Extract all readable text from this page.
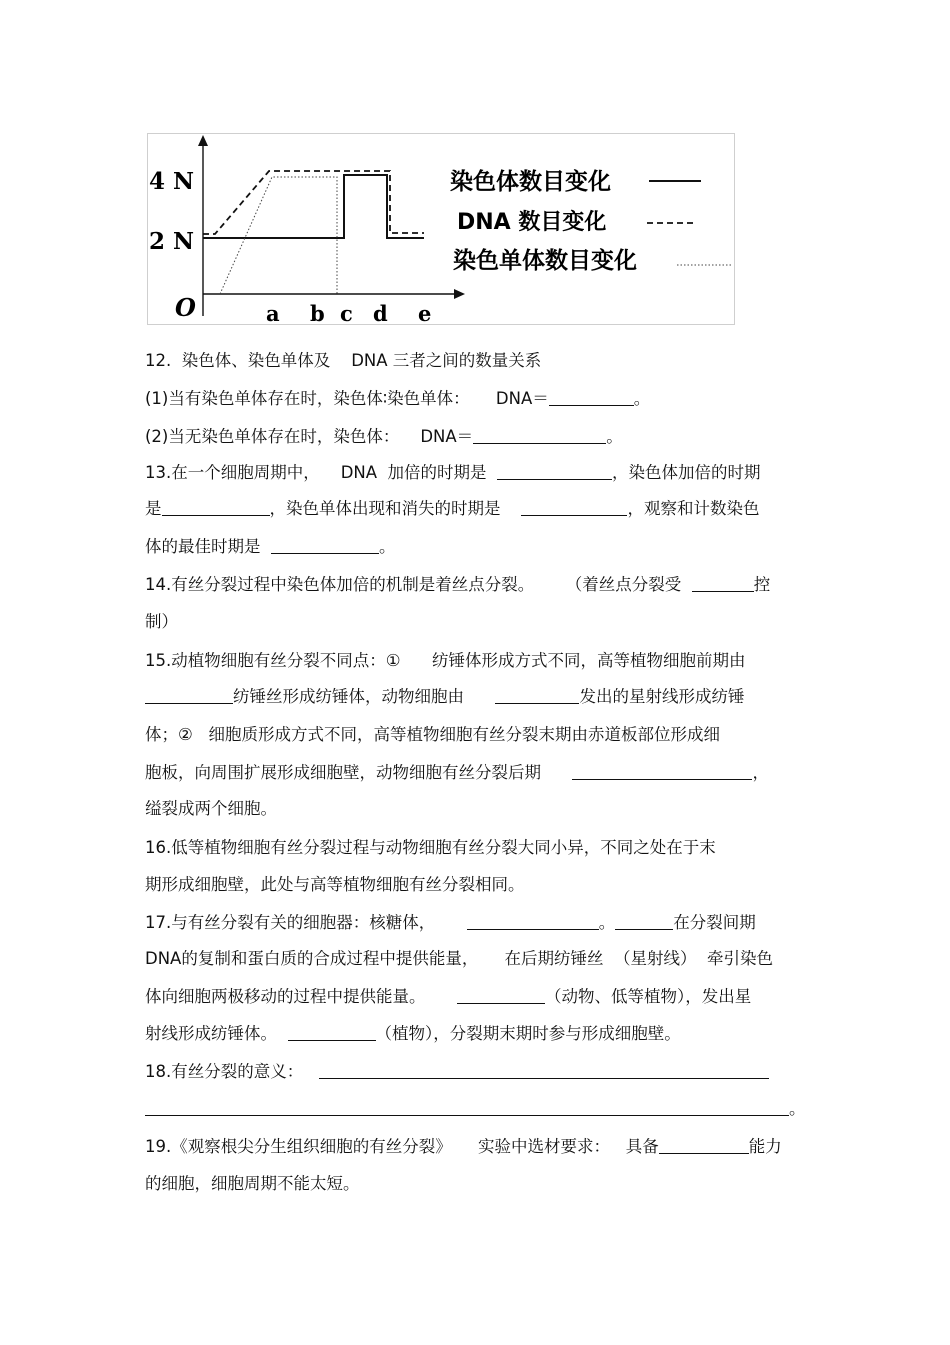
4 N
2 N
O	a b c d e
染色体数目变化
DNA 数目变化
染色单体数目变化
12.  染色体、染色单体及    DNA 三者之间的数量关系
(1)当有染色单体存在时，染色体∶染色单体：     DNA＝	。
(2)当无染色单体存在时，染色体：    DNA＝	。
13.在一个细胞周期中，    DNA  加倍的时期是	，染色体加倍的时期
是	，染色单体出现和消失的时期是	，观察和计数染色
体的最佳时期是	。
14.有丝分裂过程中染色体加倍的机制是着丝点分裂。      （着丝点分裂受	控
制）
15.动植物细胞有丝分裂不同点：①      纺锤体形成方式不同，高等植物细胞前期由
纺锤丝形成纺锤体，动物细胞由	发出的星射线形成纺锤
体；②   细胞质形成方式不同，高等植物细胞有丝分裂末期由赤道板部位形成细
胞板，向周围扩展形成细胞壁，动物细胞有丝分裂后期	，
缢裂成两个细胞。
16.低等植物细胞有丝分裂过程与动物细胞有丝分裂大同小异，不同之处在于末
期形成细胞壁，此处与高等植物细胞有丝分裂相同。
17.与有丝分裂有关的细胞器：核糖体，	。	在分裂间期
DNA的复制和蛋白质的合成过程中提供能量，     在后期纺锤丝  （星射线）  牵引染色
体向细胞两极移动的过程中提供能量。	（动物、低等植物），发出星
射线形成纺锤体。	（植物），分裂期末期时参与形成细胞壁。
18.有丝分裂的意义：
。
19.《观察根尖分生组织细胞的有丝分裂》     实验中选材要求：   具备	能力
的细胞，细胞周期不能太短。
